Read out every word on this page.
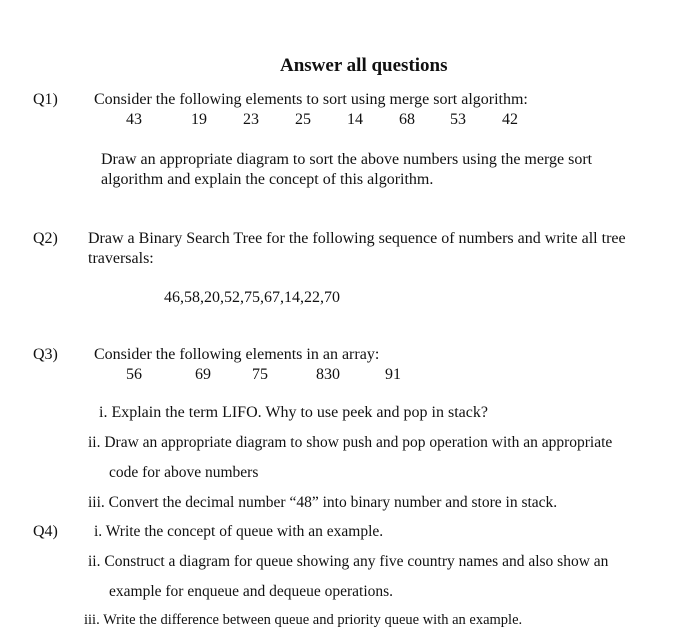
Answer all questions
Q1) Consider the following elements to sort using merge sort algorithm:
43	19 23 25 14 68 53 42
Draw an appropriate diagram to sort the above numbers using the merge sort
algorithm and explain the concept of this algorithm.
Q2) Draw a Binary Search Tree for the following sequence of numbers and write all tree
traversals:
46,58,20,52,75,67,14,22,70
Q3) Consider the following elements in an array:
56	69	75	830	91
i. Explain the term LIFO. Why to use peek and pop in stack?
ii. Draw an appropriate diagram to show push and pop operation with an appropriate
code for above numbers
iii. Convert the decimal number “48” into binary number and store in stack.
Q4) i. Write the concept of queue with an example.
ii. Construct a diagram for queue showing any five country names and also show an
example for enqueue and dequeue operations.
iii. Write the difference between queue and priority queue with an example.
